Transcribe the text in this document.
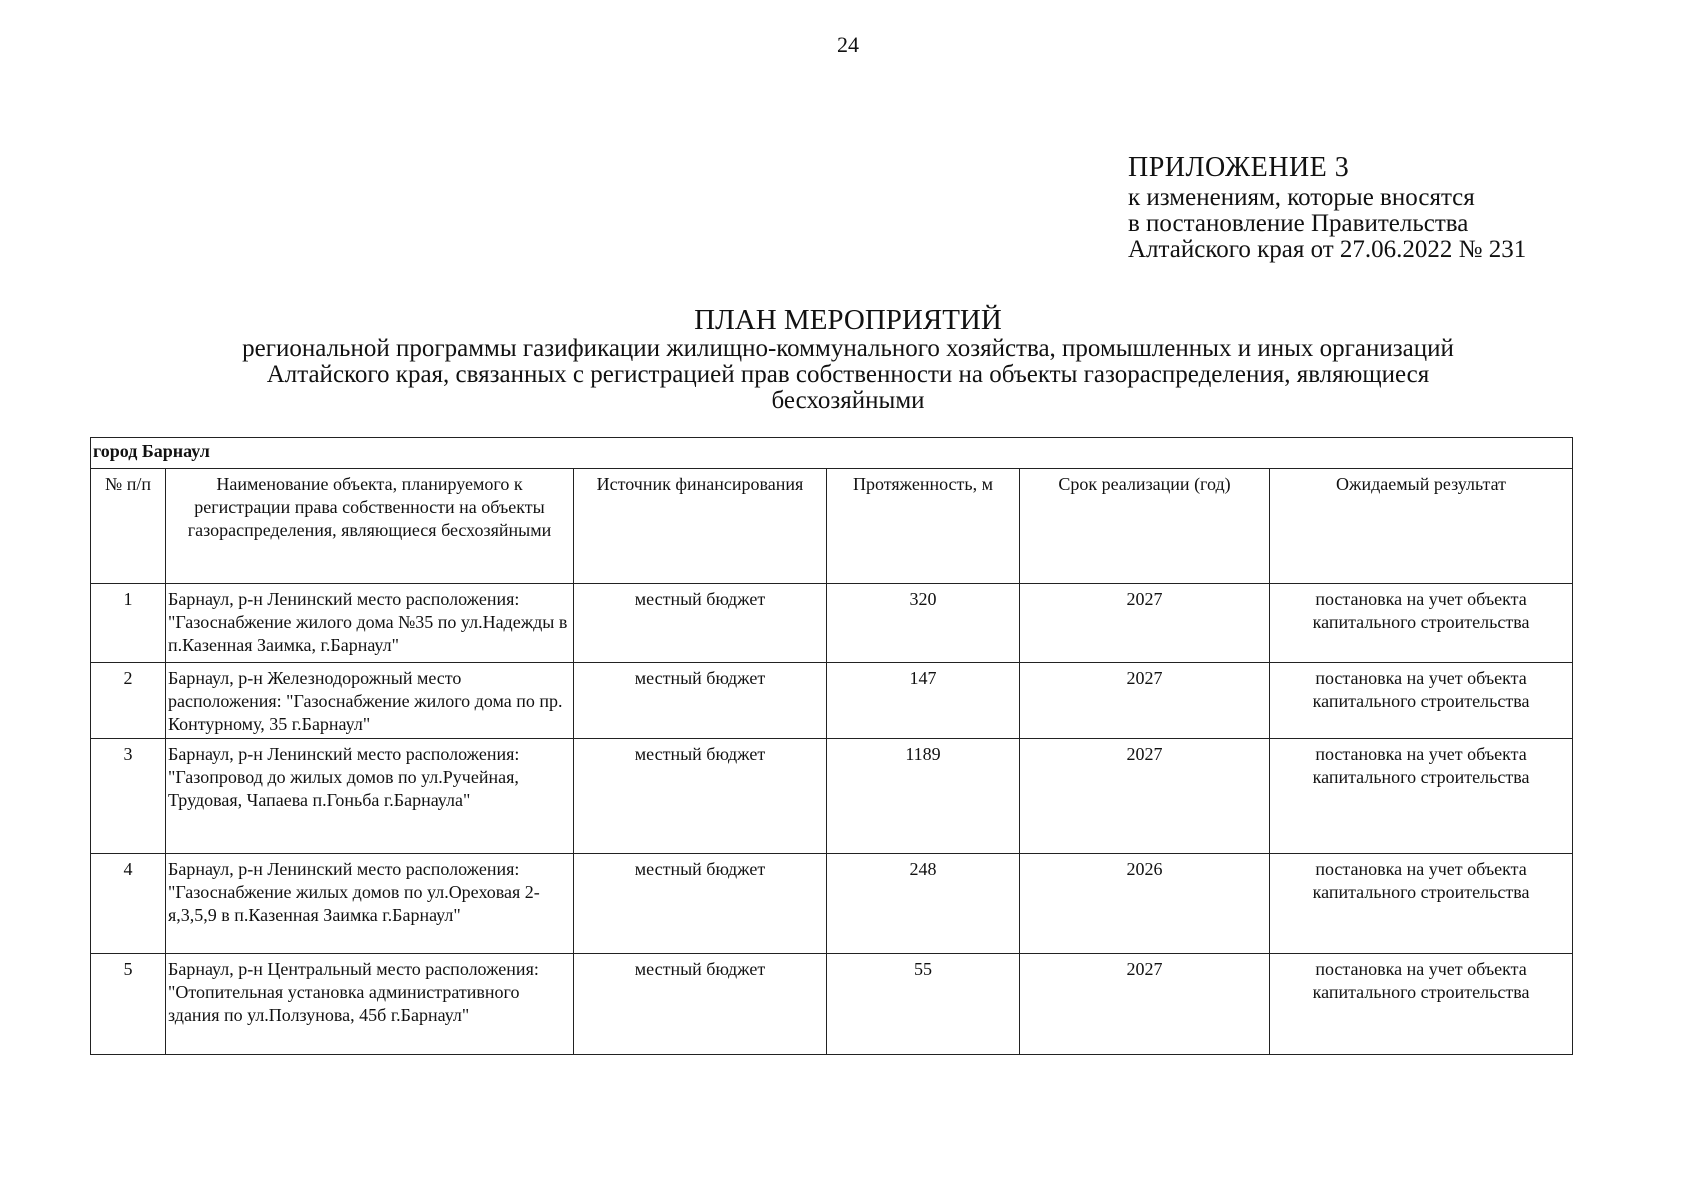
24
ПРИЛОЖЕНИЕ 3
к изменениям, которые вносятся
в постановление Правительства
Алтайского края от 27.06.2022 № 231
ПЛАН МЕРОПРИЯТИЙ
региональной программы газификации жилищно-коммунального хозяйства, промышленных и иных организаций
Алтайского края, связанных с регистрацией прав собственности на объекты газораспределения, являющиеся
бесхозяйными
город Барнаул					
№ п/п	Наименование объекта, планируемого к регистрации права собственности на объекты газораспределения, являющиеся бесхозяйными	Источник финансирования	Протяженность, м	Срок реализации (год)	Ожидаемый результат
1	Барнаул, р-н Ленинский место расположения: "Газоснабжение жилого дома №35 по ул.Надежды в п.Казенная Заимка, г.Барнаул"	местный бюджет	320	2027	постановка на учет объекта капитального строительства
2	Барнаул, р-н Железнодорожный место расположения: "Газоснабжение жилого дома по пр. Контурному, 35 г.Барнаул"	местный бюджет	147	2027	постановка на учет объекта капитального строительства
3	Барнаул, р-н Ленинский место расположения: "Газопровод до жилых домов по ул.Ручейная, Трудовая, Чапаева п.Гоньба г.Барнаула"	местный бюджет	1189	2027	постановка на учет объекта капитального строительства
4	Барнаул, р-н Ленинский место расположения: "Газоснабжение жилых домов по ул.Ореховая 2-я,3,5,9 в п.Казенная Заимка г.Барнаул"	местный бюджет	248	2026	постановка на учет объекта капитального строительства
5	Барнаул, р-н Центральный место расположения: "Отопительная установка административного здания по ул.Ползунова, 45б г.Барнаул"	местный бюджет	55	2027	постановка на учет объекта капитального строительства
